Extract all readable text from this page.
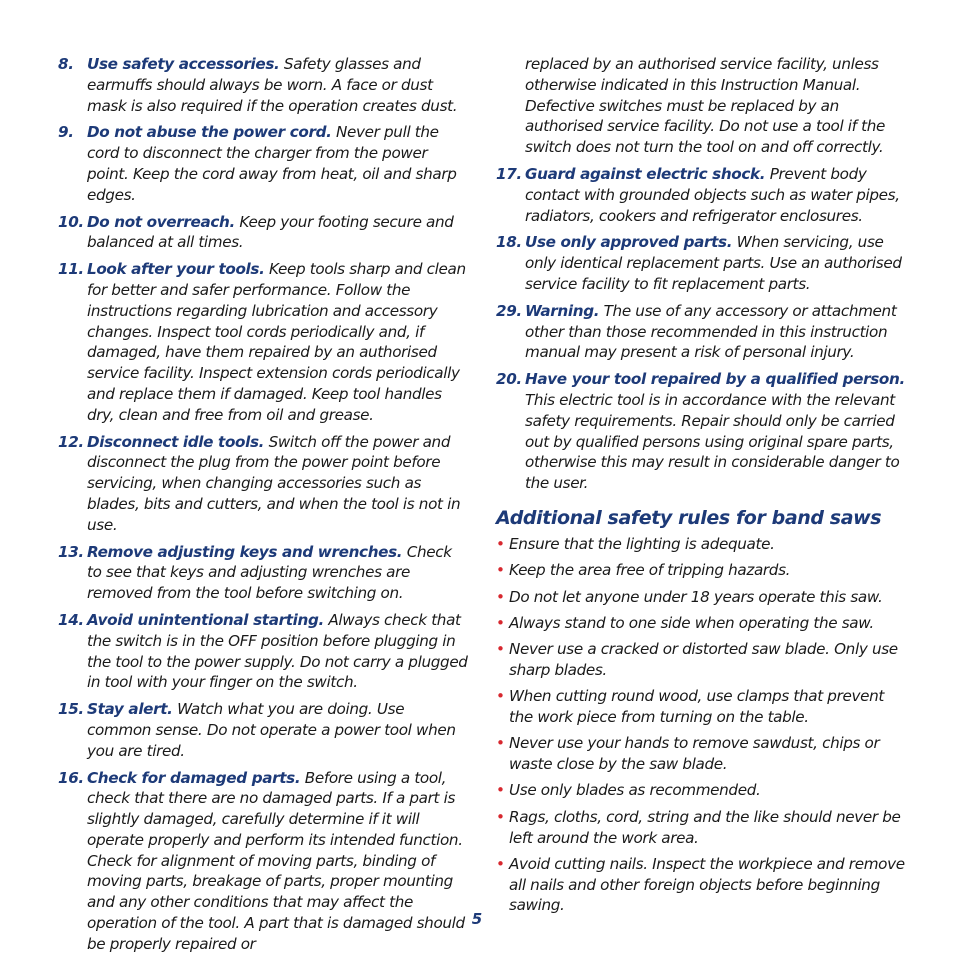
8. Use safety accessories. Safety glasses and earmuffs should always be worn. A face or dust mask is also required if the operation creates dust.
9. Do not abuse the power cord. Never pull the cord to disconnect the charger from the power point. Keep the cord away from heat, oil and sharp edges.
10. Do not overreach. Keep your footing secure and balanced at all times.
11. Look after your tools. Keep tools sharp and clean for better and safer performance. Follow the instructions regarding lubrication and accessory changes. Inspect tool cords periodically and, if damaged, have them repaired by an authorised service facility. Inspect extension cords periodically and replace them if damaged. Keep tool handles dry, clean and free from oil and grease.
12. Disconnect idle tools. Switch off the power and disconnect the plug from the power point before servicing, when changing accessories such as blades, bits and cutters, and when the tool is not in use.
13. Remove adjusting keys and wrenches. Check to see that keys and adjusting wrenches are removed from the tool before switching on.
14. Avoid unintentional starting. Always check that the switch is in the OFF position before plugging in the tool to the power supply. Do not carry a plugged in tool with your finger on the switch.
15. Stay alert. Watch what you are doing. Use common sense. Do not operate a power tool when you are tired.
16. Check for damaged parts. Before using a tool, check that there are no damaged parts. If a part is slightly damaged, carefully determine if it will operate properly and perform its intended function. Check for alignment of moving parts, binding of moving parts, breakage of parts, proper mounting and any other conditions that may affect the operation of the tool. A part that is damaged should be properly repaired or
replaced by an authorised service facility, unless otherwise indicated in this Instruction Manual. Defective switches must be replaced by an authorised service facility. Do not use a tool if the switch does not turn the tool on and off correctly.
17. Guard against electric shock. Prevent body contact with grounded objects such as water pipes, radiators, cookers and refrigerator enclosures.
18. Use only approved parts. When servicing, use only identical replacement parts. Use an authorised service facility to fit replacement parts.
29. Warning. The use of any accessory or attachment other than those recommended in this instruction manual may present a risk of personal injury.
20. Have your tool repaired by a qualified person. This electric tool is in accordance with the relevant safety requirements. Repair should only be carried out by qualified persons using original spare parts, otherwise this may result in considerable danger to the user.
Additional safety rules for band saws
• Ensure that the lighting is adequate.
• Keep the area free of tripping hazards.
• Do not let anyone under 18 years operate this saw.
• Always stand to one side when operating the saw.
• Never use a cracked or distorted saw blade. Only use sharp blades.
• When cutting round wood, use clamps that prevent the work piece from turning on the table.
• Never use your hands to remove sawdust, chips or waste close by the saw blade.
• Use only blades as recommended.
• Rags, cloths, cord, string and the like should never be left around the work area.
• Avoid cutting nails. Inspect the workpiece and remove all nails and other foreign objects before beginning sawing.
5
